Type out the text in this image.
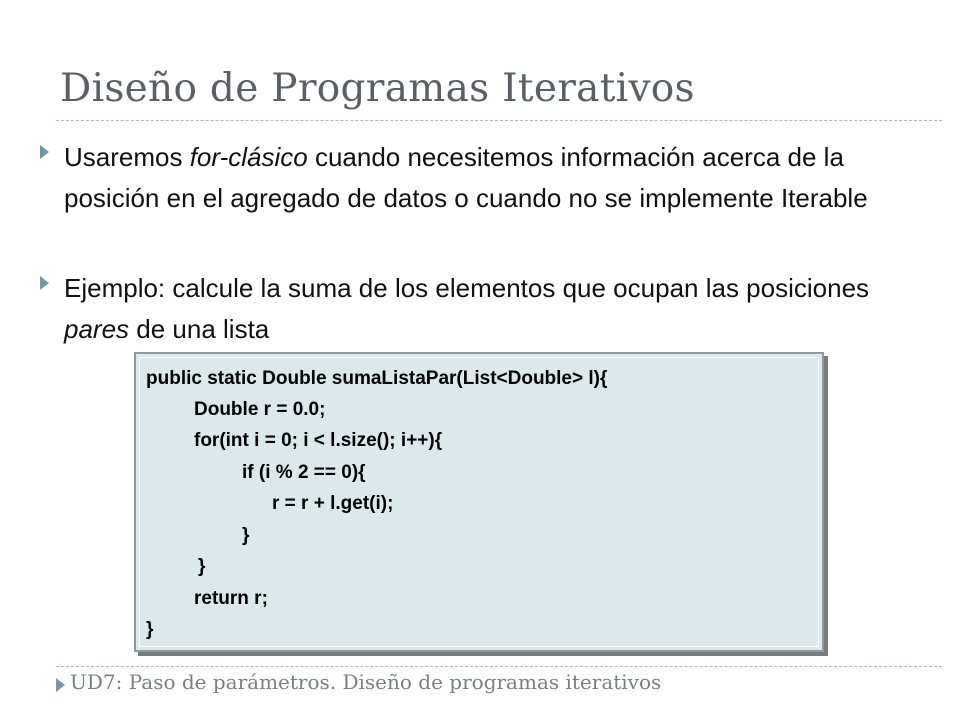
Diseño de Programas Iterativos
Usaremos for-clásico cuando necesitemos información acerca de la posición en el agregado de datos o cuando no se implemente Iterable
Ejemplo: calcule la suma de los elementos que ocupan las posiciones pares de una lista
public static Double sumaListaPar(List<Double> l){
Double r = 0.0;
for(int i = 0; i < l.size(); i++){
if (i % 2 == 0){
r = r + l.get(i);
}
}
return r;
}
UD7: Paso de parámetros. Diseño de programas iterativos
